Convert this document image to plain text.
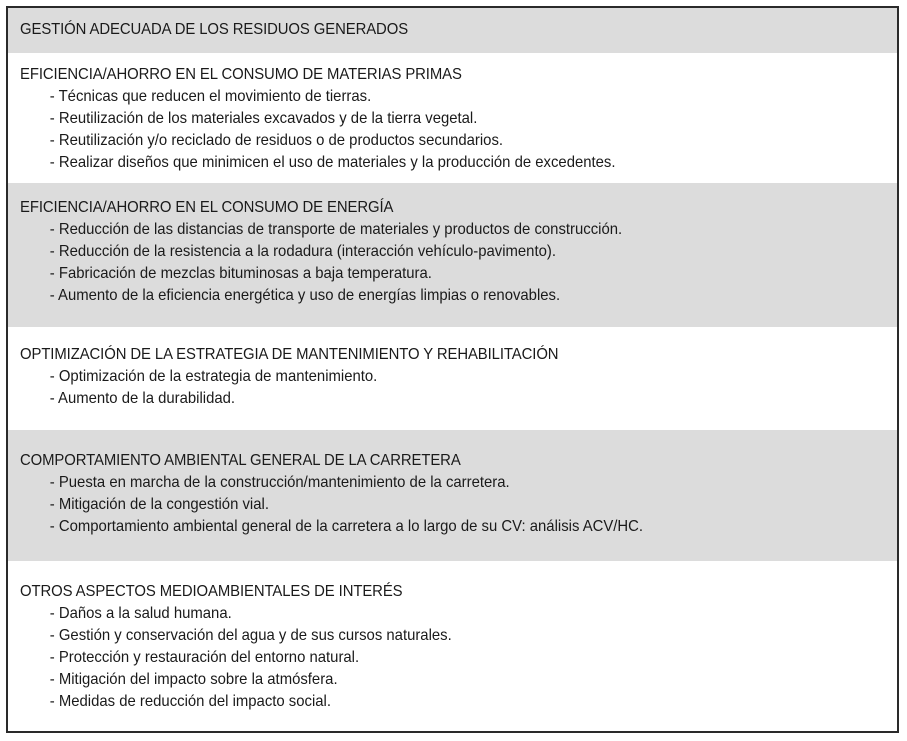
GESTIÓN ADECUADA DE LOS RESIDUOS GENERADOS
EFICIENCIA/AHORRO EN EL CONSUMO DE MATERIAS PRIMAS
- Técnicas que reducen el movimiento de tierras.
- Reutilización de los materiales excavados y de la tierra vegetal.
- Reutilización y/o reciclado de residuos o de productos secundarios.
- Realizar diseños que minimicen el uso de materiales y la producción de excedentes.
EFICIENCIA/AHORRO EN EL CONSUMO DE ENERGÍA
- Reducción de las distancias de transporte de materiales y productos de construcción.
- Reducción de la resistencia a la rodadura (interacción vehículo-pavimento).
- Fabricación de mezclas bituminosas a baja temperatura.
- Aumento de la eficiencia energética y uso de energías limpias o renovables.
OPTIMIZACIÓN DE LA ESTRATEGIA DE MANTENIMIENTO Y REHABILITACIÓN
- Optimización de la estrategia de mantenimiento.
- Aumento de la durabilidad.
COMPORTAMIENTO AMBIENTAL GENERAL DE LA CARRETERA
- Puesta en marcha de la construcción/mantenimiento de la carretera.
- Mitigación de la congestión vial.
- Comportamiento ambiental general de la carretera a lo largo de su CV: análisis ACV/HC.
OTROS ASPECTOS MEDIOAMBIENTALES DE INTERÉS
- Daños a la salud humana.
- Gestión y conservación del agua y de sus cursos naturales.
- Protección y restauración del entorno natural.
- Mitigación del impacto sobre la atmósfera.
- Medidas de reducción del impacto social.
